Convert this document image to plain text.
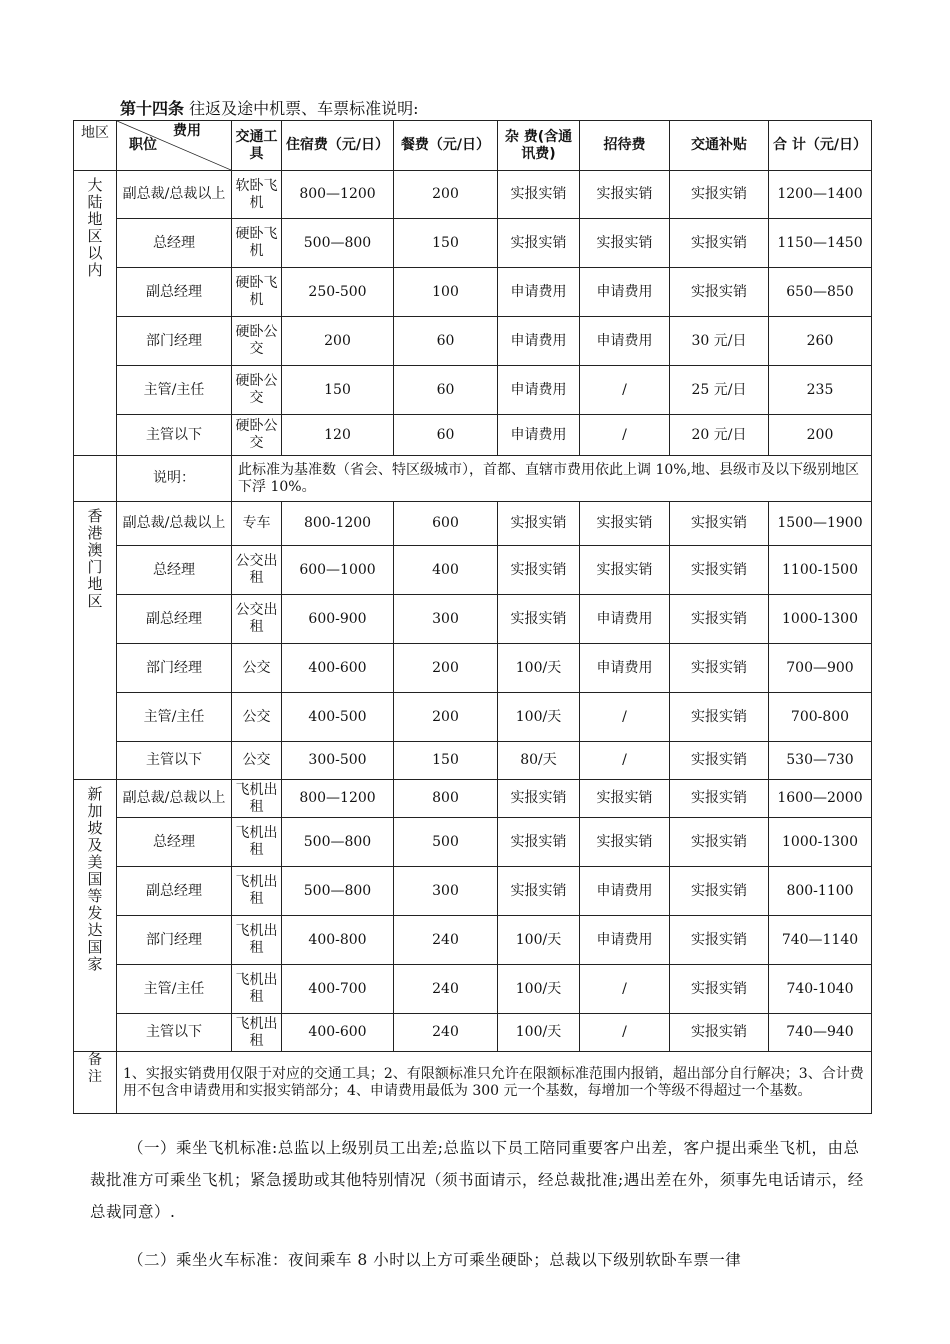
第十四条 往返及途中机票、车票标准说明:
地区	费用
职位	交通工具	住宿费（元/日）	餐费（元/日）	杂 费(含通讯费)	招待费	交通补贴	合 计（元/日）
大陆地区以内	副总裁/总裁以上	软卧飞机	800—1200	200	实报实销	实报实销	实报实销	1200—1400
	总经理	硬卧飞机	500—800	150	实报实销	实报实销	实报实销	1150—1450
	副总经理	硬卧飞机	250-500	100	申请费用	申请费用	实报实销	650—850
	部门经理	硬卧公交	200	60	申请费用	申请费用	30 元/日	260
	主管/主任	硬卧公交	150	60	申请费用	/	25 元/日	235
	主管以下	硬卧公交	120	60	申请费用	/	20 元/日	200
	说明：	此标准为基准数（省会、特区级城市），首都、直辖市费用依此上调 10%,地、县级市及以下级别地区下浮 10%。						
香港澳门地区	副总裁/总裁以上	专车	800-1200	600	实报实销	实报实销	实报实销	1500—1900
	总经理	公交出租	600—1000	400	实报实销	实报实销	实报实销	1100-1500
	副总经理	公交出租	600-900	300	实报实销	申请费用	实报实销	1000-1300
	部门经理	公交	400-600	200	100/天	申请费用	实报实销	700—900
	主管/主任	公交	400-500	200	100/天	/	实报实销	700-800
	主管以下	公交	300-500	150	80/天	/	实报实销	530—730
新加坡及美国等发达国家	副总裁/总裁以上	飞机出租	800—1200	800	实报实销	实报实销	实报实销	1600—2000
	总经理	飞机出租	500—800	500	实报实销	实报实销	实报实销	1000-1300
	副总经理	飞机出租	500—800	300	实报实销	申请费用	实报实销	800-1100
	部门经理	飞机出租	400-800	240	100/天	申请费用	实报实销	740—1140
	主管/主任	飞机出租	400-700	240	100/天	/	实报实销	740-1040
	主管以下	飞机出租	400-600	240	100/天	/	实报实销	740—940
备注	1、实报实销费用仅限于对应的交通工具；2、有限额标准只允许在限额标准范围内报销，超出部分自行解决；3、合计费用不包含申请费用和实报实销部分；4、申请费用最低为 300 元一个基数，每增加一个等级不得超过一个基数。							
（一）乘坐飞机标准:总监以上级别员工出差;总监以下员工陪同重要客户出差，客户提出乘坐飞机，由总裁批准方可乘坐飞机；紧急援助或其他特别情况（须书面请示，经总裁批准;遇出差在外，须事先电话请示，经总裁同意）.
（二）乘坐火车标准：夜间乘车 8 小时以上方可乘坐硬卧；总裁以下级别软卧车票一律
